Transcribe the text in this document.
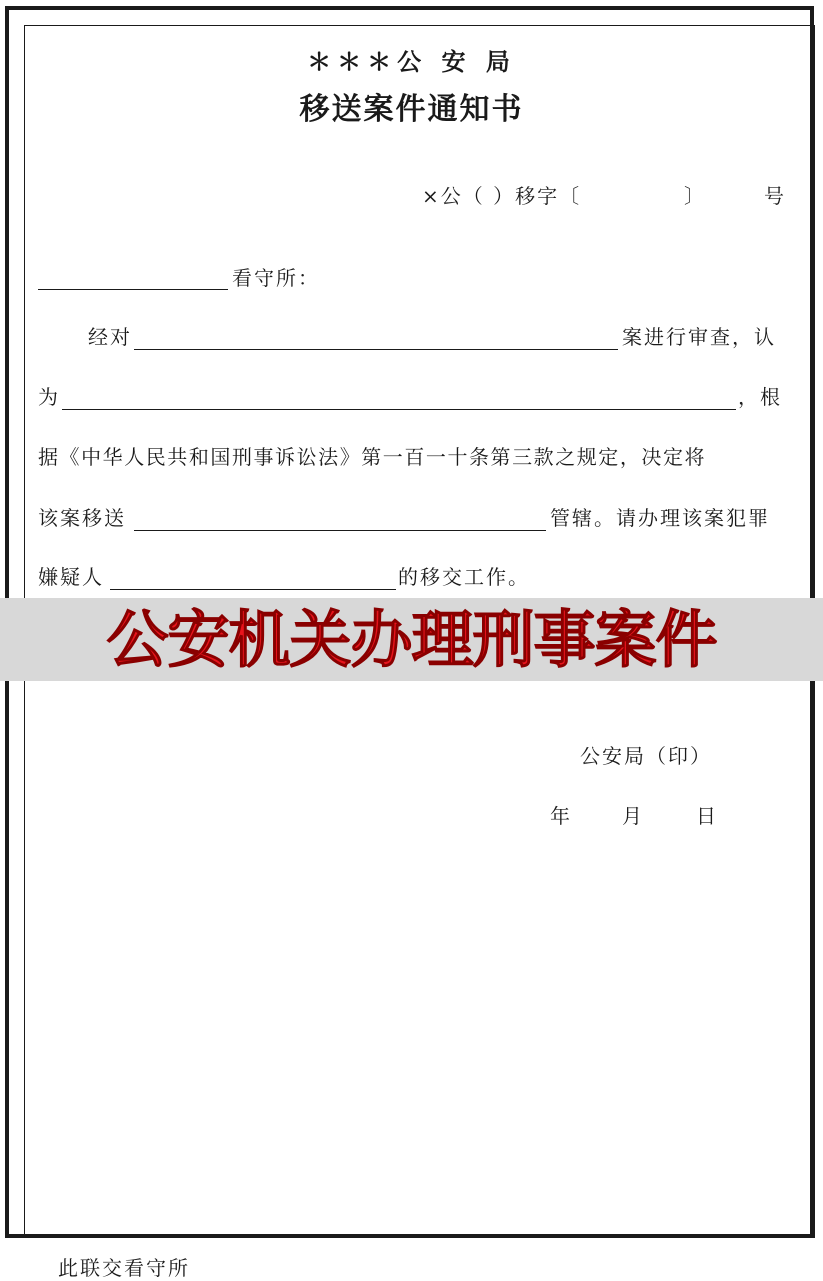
＊＊＊公 安 局
移送案件通知书
×公（ ）移字〔	〕	号
看守所：
经对	案进行审查，认
为	，根
据《中华人民共和国刑事诉讼法》第一百一十条第三款之规定，决定将
该案移送	管辖。请办理该案犯罪
嫌疑人	的移交工作。
公安机关办理刑事案件
公安局（印）
年	月	日
此联交看守所
